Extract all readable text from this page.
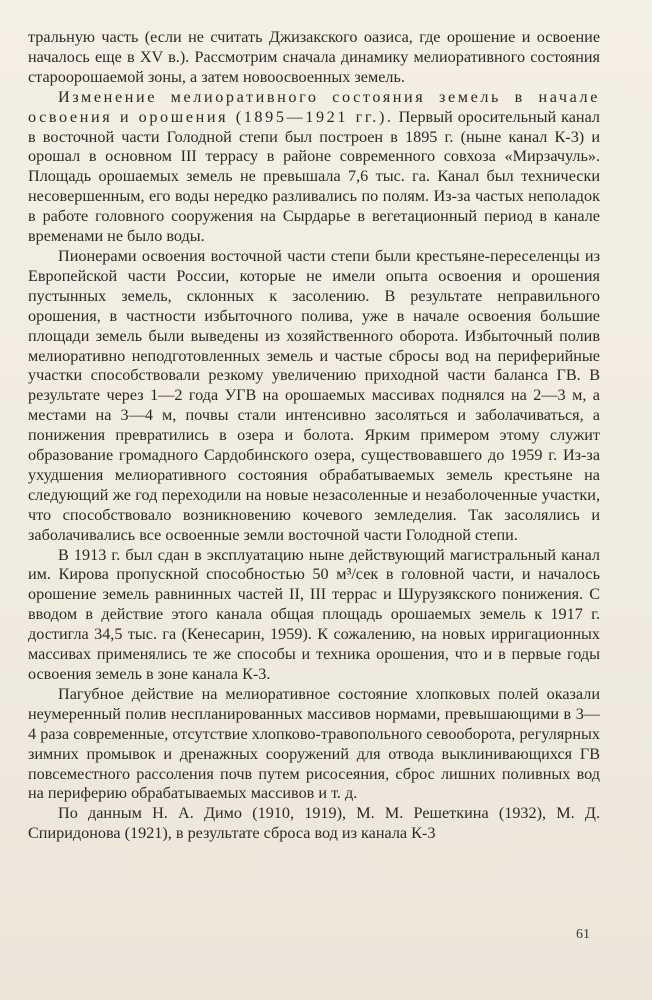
тральную часть (если не считать Джизакского оазиса, где орошение и освоение началось еще в XV в.). Рассмотрим сначала динамику мелиоративного состояния староорошаемой зоны, а затем новоосвоенных земель.

Изменение мелиоративного состояния земель в начале освоения и орошения (1895—1921 гг.). Первый оросительный канал в восточной части Голодной степи был построен в 1895 г. (ныне канал К-3) и орошал в основном III террасу в районе современного совхоза «Мирзачуль». Площадь орошаемых земель не превышала 7,6 тыс. га. Канал был технически несовершенным, его воды нередко разливались по полям. Из-за частых неполадок в работе головного сооружения на Сырдарье в вегетационный период в канале временами не было воды.

Пионерами освоения восточной части степи были крестьяне-переселенцы из Европейской части России, которые не имели опыта освоения и орошения пустынных земель, склонных к засолению. В результате неправильного орошения, в частности избыточного полива, уже в начале освоения большие площади земель были выведены из хозяйственного оборота. Избыточный полив мелиоративно неподготовленных земель и частые сбросы вод на периферийные участки способствовали резкому увеличению приходной части баланса ГВ. В результате через 1—2 года УГВ на орошаемых массивах поднялся на 2—3 м, а местами на 3—4 м, почвы стали интенсивно засоляться и заболачиваться, а понижения превратились в озера и болота. Ярким примером этому служит образование громадного Сардобинского озера, существовавшего до 1959 г. Из-за ухудшения мелиоративного состояния обрабатываемых земель крестьяне на следующий же год переходили на новые незасоленные и незаболоченные участки, что способствовало возникновению кочевого земледелия. Так засолялись и заболачивались все освоенные земли восточной части Голодной степи.

В 1913 г. был сдан в эксплуатацию ныне действующий магистральный канал им. Кирова пропускной способностью 50 м³/сек в головной части, и началось орошение земель равнинных частей II, III террас и Шурузякского понижения. С вводом в действие этого канала общая площадь орошаемых земель к 1917 г. достигла 34,5 тыс. га (Кенесарин, 1959). К сожалению, на новых ирригационных массивах применялись те же способы и техника орошения, что и в первые годы освоения земель в зоне канала К-3.

Пагубное действие на мелиоративное состояние хлопковых полей оказали неумеренный полив неспланированных массивов нормами, превышающими в 3—4 раза современные, отсутствие хлопково-травопольного севооборота, регулярных зимних промывок и дренажных сооружений для отвода выклинивающихся ГВ повсеместного рассоления почв путем рисосеяния, сброс лишних поливных вод на периферию обрабатываемых массивов и т. д.

По данным Н. А. Димо (1910, 1919), М. М. Решеткина (1932), М. Д. Спиридонова (1921), в результате сброса вод из канала К-3

61
